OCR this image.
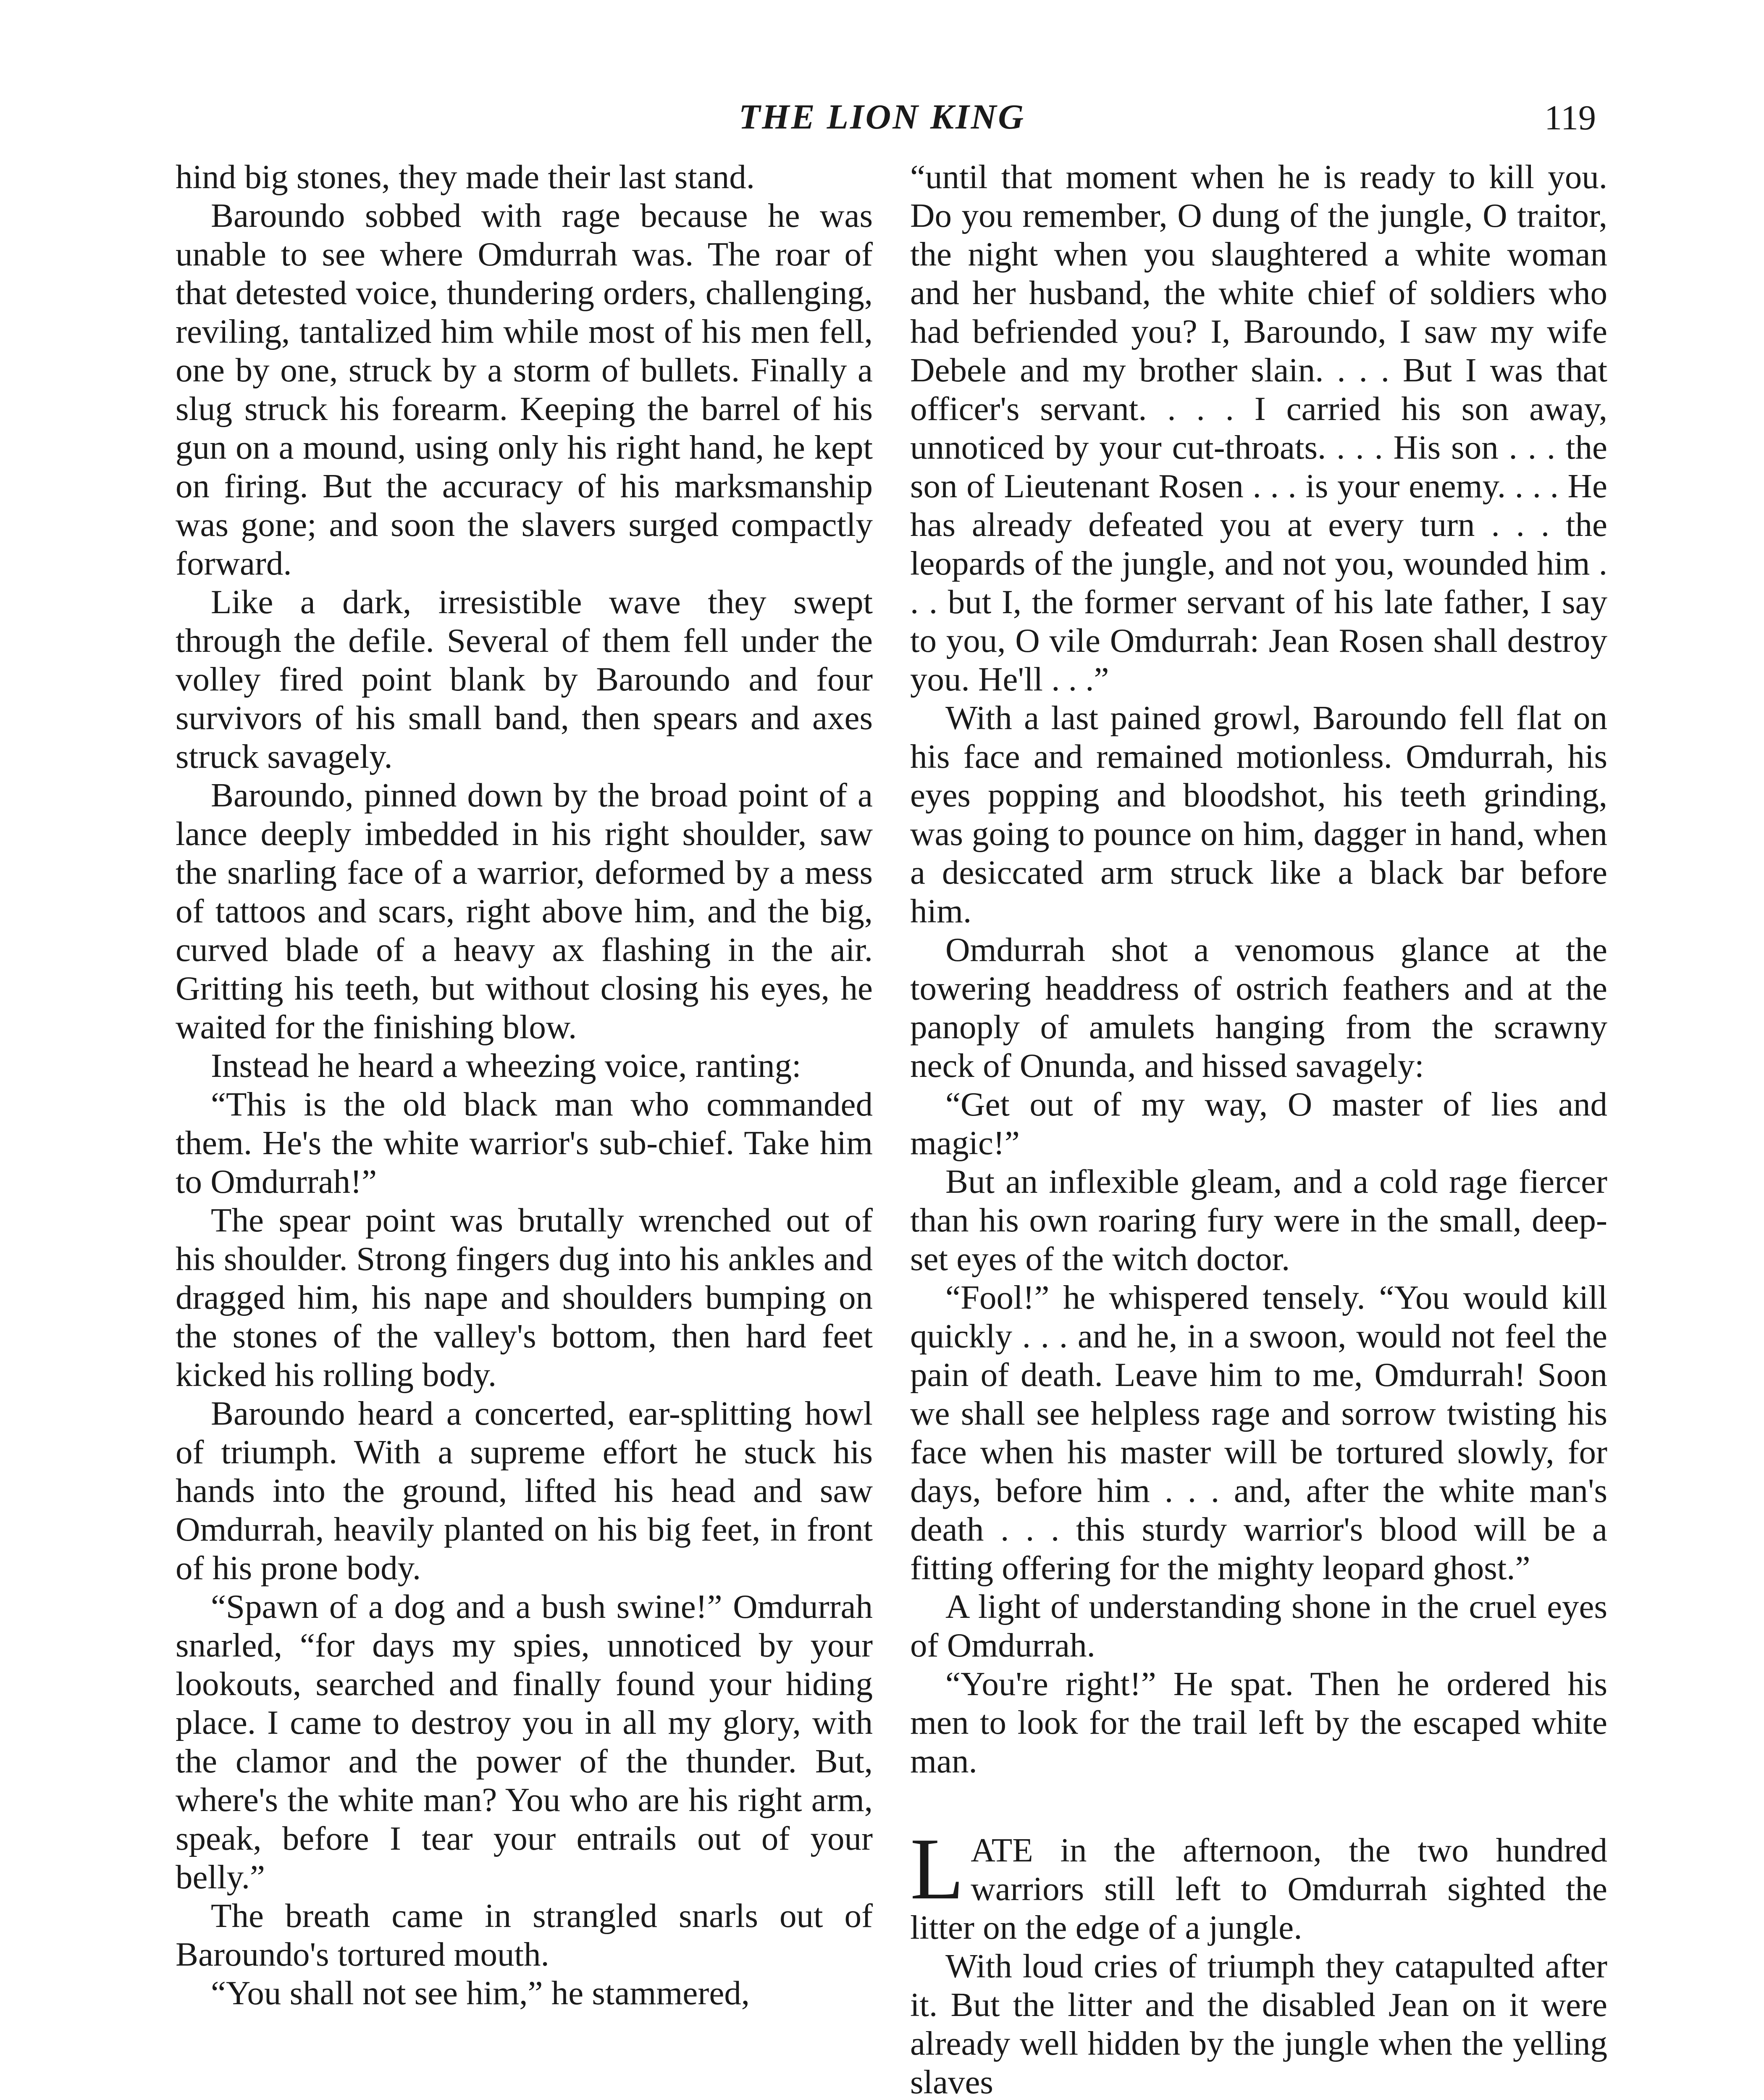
THE LION KING	119

hind big stones, they made their last stand.

Baroundo sobbed with rage because he was unable to see where Omdurrah was. The roar of that detested voice, thundering orders, challenging, reviling, tantalized him while most of his men fell, one by one, struck by a storm of bullets. Finally a slug struck his forearm. Keeping the barrel of his gun on a mound, using only his right hand, he kept on firing. But the accuracy of his marksmanship was gone; and soon the slavers surged compactly forward.

Like a dark, irresistible wave they swept through the defile. Several of them fell under the volley fired point blank by Baroundo and four survivors of his small band, then spears and axes struck savagely.

Baroundo, pinned down by the broad point of a lance deeply imbedded in his right shoulder, saw the snarling face of a warrior, deformed by a mess of tattoos and scars, right above him, and the big, curved blade of a heavy ax flashing in the air. Gritting his teeth, but without closing his eyes, he waited for the finishing blow.

Instead he heard a wheezing voice, ranting:

“This is the old black man who commanded them. He's the white warrior's sub-chief. Take him to Omdurrah!”

The spear point was brutally wrenched out of his shoulder. Strong fingers dug into his ankles and dragged him, his nape and shoulders bumping on the stones of the valley's bottom, then hard feet kicked his rolling body.

Baroundo heard a concerted, ear-splitting howl of triumph. With a supreme effort he stuck his hands into the ground, lifted his head and saw Omdurrah, heavily planted on his big feet, in front of his prone body.

“Spawn of a dog and a bush swine!” Omdurrah snarled, “for days my spies, unnoticed by your lookouts, searched and finally found your hiding place. I came to destroy you in all my glory, with the clamor and the power of the thunder. But, where's the white man? You who are his right arm, speak, before I tear your entrails out of your belly.”

The breath came in strangled snarls out of Baroundo's tortured mouth.

“You shall not see him,” he stammered,

“until that moment when he is ready to kill you. Do you remember, O dung of the jungle, O traitor, the night when you slaughtered a white woman and her husband, the white chief of soldiers who had befriended you? I, Baroundo, I saw my wife Debele and my brother slain. . . . But I was that officer's servant. . . . I carried his son away, unnoticed by your cut-throats. . . . His son . . . the son of Lieutenant Rosen . . . is your enemy. . . . He has already defeated you at every turn . . . the leopards of the jungle, and not you, wounded him . . . but I, the former servant of his late father, I say to you, O vile Omdurrah: Jean Rosen shall destroy you. He'll . . .”

With a last pained growl, Baroundo fell flat on his face and remained motionless. Omdurrah, his eyes popping and bloodshot, his teeth grinding, was going to pounce on him, dagger in hand, when a desiccated arm struck like a black bar before him.

Omdurrah shot a venomous glance at the towering headdress of ostrich feathers and at the panoply of amulets hanging from the scrawny neck of Onunda, and hissed savagely:

“Get out of my way, O master of lies and magic!”

But an inflexible gleam, and a cold rage fiercer than his own roaring fury were in the small, deep-set eyes of the witch doctor.

“Fool!” he whispered tensely. “You would kill quickly . . . and he, in a swoon, would not feel the pain of death. Leave him to me, Omdurrah! Soon we shall see helpless rage and sorrow twisting his face when his master will be tortured slowly, for days, before him . . . and, after the white man's death . . . this sturdy warrior's blood will be a fitting offering for the mighty leopard ghost.”

A light of understanding shone in the cruel eyes of Omdurrah.

“You're right!” He spat. Then he ordered his men to look for the trail left by the escaped white man.

LATE in the afternoon, the two hundred warriors still left to Omdurrah sighted the litter on the edge of a jungle.

With loud cries of triumph they catapulted after it. But the litter and the disabled Jean on it were already well hidden by the jungle when the yelling slaves
